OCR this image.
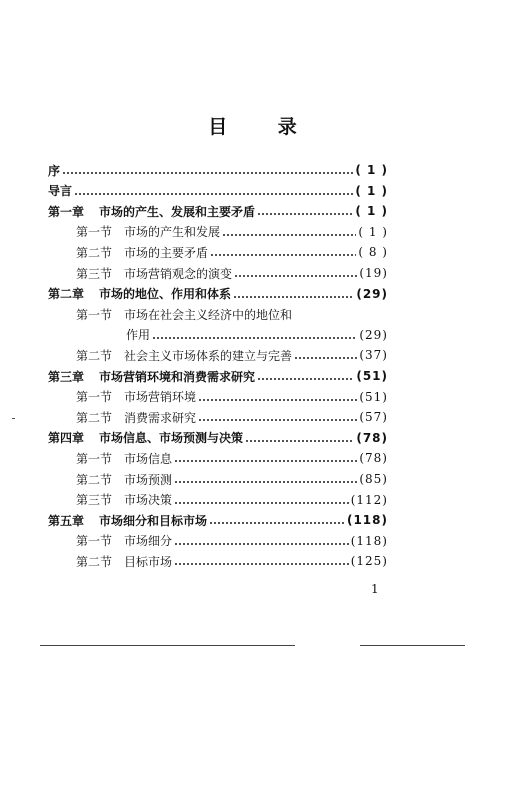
目 录
序	( 1 )
导言	( 1 )
第一章	市场的产生、发展和主要矛盾	( 1 )
第一节 市场的产生和发展	( 1 )
第二节 市场的主要矛盾	( 8 )
第三节 市场营销观念的演变	(19)
第二章	市场的地位、作用和体系	(29)
第一节 市场在社会主义经济中的地位和
作用	(29)
第二节 社会主义市场体系的建立与完善	(37)
第三章	市场营销环境和消费需求研究	(51)
第一节 市场营销环境	(51)
第二节 消费需求研究	(57)
第四章	市场信息、市场预测与决策	(78)
第一节 市场信息	(78)
第二节 市场预测	(85)
第三节 市场决策	(112)
第五章	市场细分和目标市场	(118)
第一节 市场细分	(118)
第二节 目标市场	(125)
1
